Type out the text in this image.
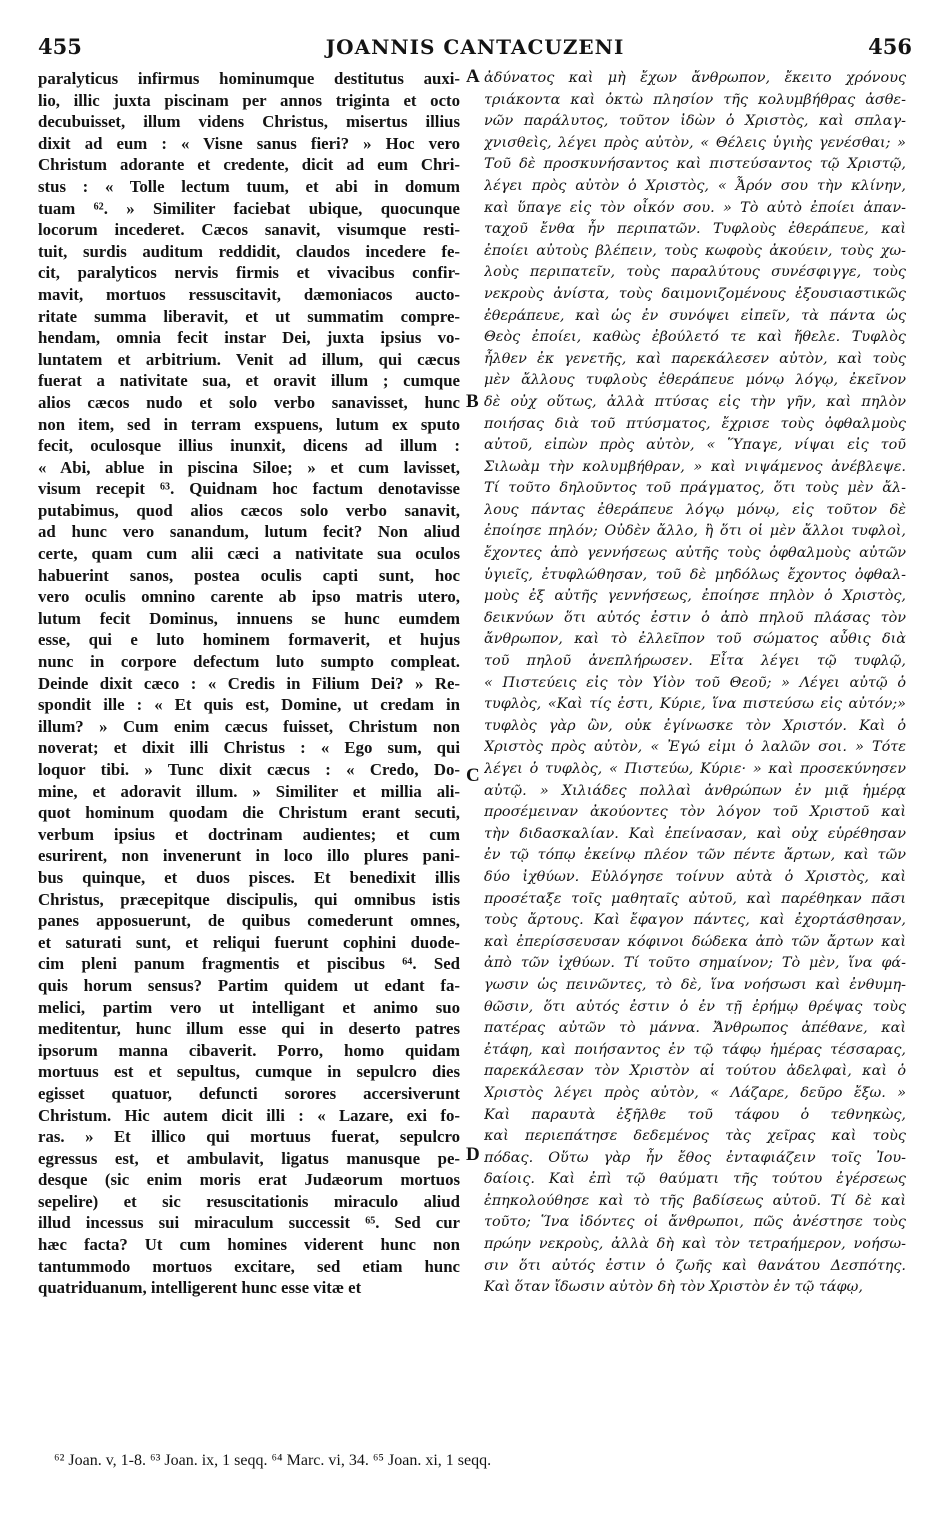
455	JOANNIS CANTACUZENI	456
paralyticus infirmus hominumque destitutus auxi-
lio, illic juxta piscinam per annos triginta et octo
decubuisset, illum videns Christus, misertus illius
dixit ad eum : « Visne sanus fieri? » Hoc vero
Christum adorante et credente, dicit ad eum Chri-
stus : « Tolle lectum tuum, et abi in domum
tuam ⁶². » Similiter faciebat ubique, quocunque
locorum incederet. Cæcos sanavit, visumque resti-
tuit, surdis auditum reddidit, claudos incedere fe-
cit, paralyticos nervis firmis et vivacibus confir-
mavit, mortuos ressuscitavit, dæmoniacos aucto-
ritate summa liberavit, et ut summatim compre-
hendam, omnia fecit instar Dei, juxta ipsius vo-
luntatem et arbitrium. Venit ad illum, qui cæcus
fuerat a nativitate sua, et oravit illum ; cumque
alios cæcos nudo et solo verbo sanavisset, hunc
non item, sed in terram exspuens, lutum ex sputo
fecit, oculosque illius inunxit, dicens ad illum :
« Abi, ablue in piscina Siloe; » et cum lavisset,
visum recepit ⁶³. Quidnam hoc factum denotavisse
putabimus, quod alios cæcos solo verbo sanavit,
ad hunc vero sanandum, lutum fecit? Non aliud
certe, quam cum alii cæci a nativitate sua oculos
habuerint sanos, postea oculis capti sunt, hoc
vero oculis omnino carente ab ipso matris utero,
lutum fecit Dominus, innuens se hunc eumdem
esse, qui e luto hominem formaverit, et hujus
nunc in corpore defectum luto sumpto compleat.
Deinde dixit cæco : « Credis in Filium Dei? » Re-
spondit ille : « Et quis est, Domine, ut credam in
illum? » Cum enim cæcus fuisset, Christum non
noverat; et dixit illi Christus : « Ego sum, qui
loquor tibi. » Tunc dixit cæcus : « Credo, Do-
mine, et adoravit illum. » Similiter et millia ali-
quot hominum quodam die Christum erant secuti,
verbum ipsius et doctrinam audientes; et cum
esurirent, non invenerunt in loco illo plures pani-
bus quinque, et duos pisces. Et benedixit illis
Christus, præcepitque discipulis, qui omnibus istis
panes apposuerunt, de quibus comederunt omnes,
et saturati sunt, et reliqui fuerunt cophini duode-
cim pleni panum fragmentis et piscibus ⁶⁴. Sed
quis horum sensus? Partim quidem ut edant fa-
melici, partim vero ut intelligant et animo suo
meditentur, hunc illum esse qui in deserto patres
ipsorum manna cibaverit. Porro, homo quidam
mortuus est et sepultus, cumque in sepulcro dies
egisset quatuor, defuncti sorores accersiverunt
Christum. Hic autem dicit illi : « Lazare, exi fo-
ras. » Et illico qui mortuus fuerat, sepulcro
egressus est, et ambulavit, ligatus manusque pe-
desque (sic enim moris erat Judæorum mortuos
sepelire) et sic resuscitationis miraculo aliud
illud incessus sui miraculum successit ⁶⁵. Sed cur
hæc facta? Ut cum homines viderent hunc non
tantummodo mortuos excitare, sed etiam hunc
quatriduanum, intelligerent hunc esse vitæ et
ἀδύνατος καὶ μὴ ἔχων ἄνθρωπον, ἔκειτο χρόνους
τριάκοντα καὶ ὀκτὼ πλησίον τῆς κολυμβήθρας ἀσθε-
νῶν παράλυτος, τοῦτον ἰδὼν ὁ Χριστὸς, καὶ σπλαγ-
χνισθεὶς, λέγει πρὸς αὐτὸν, « Θέλεις ὑγιὴς γενέσθαι; »
Τοῦ δὲ προσκυνήσαντος καὶ πιστεύσαντος τῷ Χριστῷ,
λέγει πρὸς αὐτὸν ὁ Χριστὸς, « Ἆρόν σου τὴν κλίνην,
καὶ ὕπαγε εἰς τὸν οἶκόν σου. » Τὸ αὐτὸ ἐποίει ἁπαν-
ταχοῦ ἔνθα ἦν περιπατῶν. Τυφλοὺς ἐθεράπευε, καὶ
ἐποίει αὐτοὺς βλέπειν, τοὺς κωφοὺς ἀκούειν, τοὺς χω-
λοὺς περιπατεῖν, τοὺς παραλύτους συνέσφιγγε, τοὺς
νεκροὺς ἀνίστα, τοὺς δαιμονιζομένους ἐξουσιαστικῶς
ἐθεράπευε, καὶ ὡς ἐν συνόψει εἰπεῖν, τὰ πάντα ὡς
Θεὸς ἐποίει, καθὼς ἐβούλετό τε καὶ ἤθελε. Τυφλὸς
ἦλθεν ἐκ γενετῆς, καὶ παρεκάλεσεν αὐτὸν, καὶ τοὺς
μὲν ἄλλους τυφλοὺς ἐθεράπευε μόνῳ λόγῳ, ἐκεῖνον
δὲ οὐχ οὕτως, ἀλλὰ πτύσας εἰς τὴν γῆν, καὶ πηλὸν
ποιήσας διὰ τοῦ πτύσματος, ἔχρισε τοὺς ὀφθαλμοὺς
αὐτοῦ, εἰπὼν πρὸς αὐτὸν, « Ὕπαγε, νίψαι εἰς τοῦ
Σιλωὰμ τὴν κολυμβήθραν, » καὶ νιψάμενος ἀνέβλεψε.
Τί τοῦτο δηλοῦντος τοῦ πράγματος, ὅτι τοὺς μὲν ἄλ-
λους πάντας ἐθεράπευε λόγῳ μόνῳ, εἰς τοῦτον δὲ
ἐποίησε πηλόν; Οὐδὲν ἄλλο, ἢ ὅτι οἱ μὲν ἄλλοι τυφλοὶ,
ἔχοντες ἀπὸ γεννήσεως αὐτῆς τοὺς ὀφθαλμοὺς αὐτῶν
ὑγιεῖς, ἐτυφλώθησαν, τοῦ δὲ μηδόλως ἔχοντος ὀφθαλ-
μοὺς ἐξ αὐτῆς γεννήσεως, ἐποίησε πηλὸν ὁ Χριστὸς,
δεικνύων ὅτι αὐτός ἐστιν ὁ ἀπὸ πηλοῦ πλάσας τὸν
ἄνθρωπον, καὶ τὸ ἐλλεῖπον τοῦ σώματος αὖθις διὰ
τοῦ πηλοῦ ἀνεπλήρωσεν. Εἶτα λέγει τῷ τυφλῷ,
« Πιστεύεις εἰς τὸν Υἱὸν τοῦ Θεοῦ; » Λέγει αὐτῷ ὁ
τυφλὸς, «Καὶ τίς ἐστι, Κύριε, ἵνα πιστεύσω εἰς αὐτόν;»
τυφλὸς γὰρ ὢν, οὐκ ἐγίνωσκε τὸν Χριστόν. Καὶ ὁ
Χριστὸς πρὸς αὐτὸν, « Ἐγώ εἰμι ὁ λαλῶν σοι. » Τότε
λέγει ὁ τυφλὸς, « Πιστεύω, Κύριε· » καὶ προσεκύνησεν
αὐτῷ. » Χιλιάδες πολλαὶ ἀνθρώπων ἐν μιᾷ ἡμέρᾳ
προσέμειναν ἀκούοντες τὸν λόγον τοῦ Χριστοῦ καὶ
τὴν διδασκαλίαν. Καὶ ἐπείνασαν, καὶ οὐχ εὑρέθησαν
ἐν τῷ τόπῳ ἐκείνῳ πλέον τῶν πέντε ἄρτων, καὶ τῶν
δύο ἰχθύων. Εὐλόγησε τοίνυν αὐτὰ ὁ Χριστὸς, καὶ
προσέταξε τοῖς μαθηταῖς αὐτοῦ, καὶ παρέθηκαν πᾶσι
τοὺς ἄρτους. Καὶ ἔφαγον πάντες, καὶ ἐχορτάσθησαν,
καὶ ἐπερίσσευσαν κόφινοι δώδεκα ἀπὸ τῶν ἄρτων καὶ
ἀπὸ τῶν ἰχθύων. Τί τοῦτο σημαίνον; Τὸ μὲν, ἵνα φά-
γωσιν ὡς πεινῶντες, τὸ δὲ, ἵνα νοήσωσι καὶ ἐνθυμη-
θῶσιν, ὅτι αὐτός ἐστιν ὁ ἐν τῇ ἐρήμῳ θρέψας τοὺς
πατέρας αὐτῶν τὸ μάννα. Ἄνθρωπος ἀπέθανε, καὶ
ἐτάφη, καὶ ποιήσαντος ἐν τῷ τάφῳ ἡμέρας τέσσαρας,
παρεκάλεσαν τὸν Χριστὸν αἱ τούτου ἀδελφαὶ, καὶ ὁ
Χριστὸς λέγει πρὸς αὐτὸν, « Λάζαρε, δεῦρο ἔξω. »
Καὶ παραυτὰ ἐξῆλθε τοῦ τάφου ὁ τεθνηκὼς,
καὶ περιεπάτησε δεδεμένος τὰς χεῖρας καὶ τοὺς
πόδας. Οὕτω γὰρ ἦν ἔθος ἐνταφιάζειν τοῖς Ἰου-
δαίοις. Καὶ ἐπὶ τῷ θαύματι τῆς τούτου ἐγέρσεως
ἐπηκολούθησε καὶ τὸ τῆς βαδίσεως αὐτοῦ. Τί δὲ καὶ
τοῦτο; Ἵνα ἰδόντες οἱ ἄνθρωποι, πῶς ἀνέστησε τοὺς
πρώην νεκροὺς, ἀλλὰ δὴ καὶ τὸν τετραήμερον, νοήσω-
σιν ὅτι αὐτός ἐστιν ὁ ζωῆς καὶ θανάτου Δεσπότης.
Καὶ ὅταν ἴδωσιν αὐτὸν δὴ τὸν Χριστὸν ἐν τῷ τάφῳ,
A
B
C
D
⁶² Joan. v, 1-8. ⁶³ Joan. ix, 1 seqq. ⁶⁴ Marc. vi, 34. ⁶⁵ Joan. xi, 1 seqq.
